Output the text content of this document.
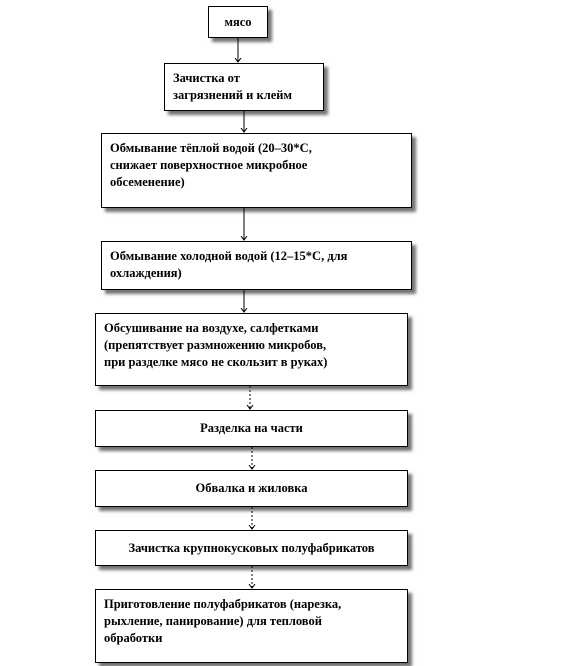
мясо
Зачистка от
загрязнений и клейм
Обмывание тёплой водой (20–30*С,
снижает поверхностное микробное
обсеменение)
Обмывание холодной водой (12–15*С, для
охлаждения)
Обсушивание на воздухе, салфетками
(препятствует размножению микробов,
при разделке мясо не скользит в руках)
Разделка на части
Обвалка и жиловка
Зачистка крупнокусковых полуфабрикатов
Приготовление полуфабрикатов (нарезка,
рыхление, панирование) для тепловой
обработки
